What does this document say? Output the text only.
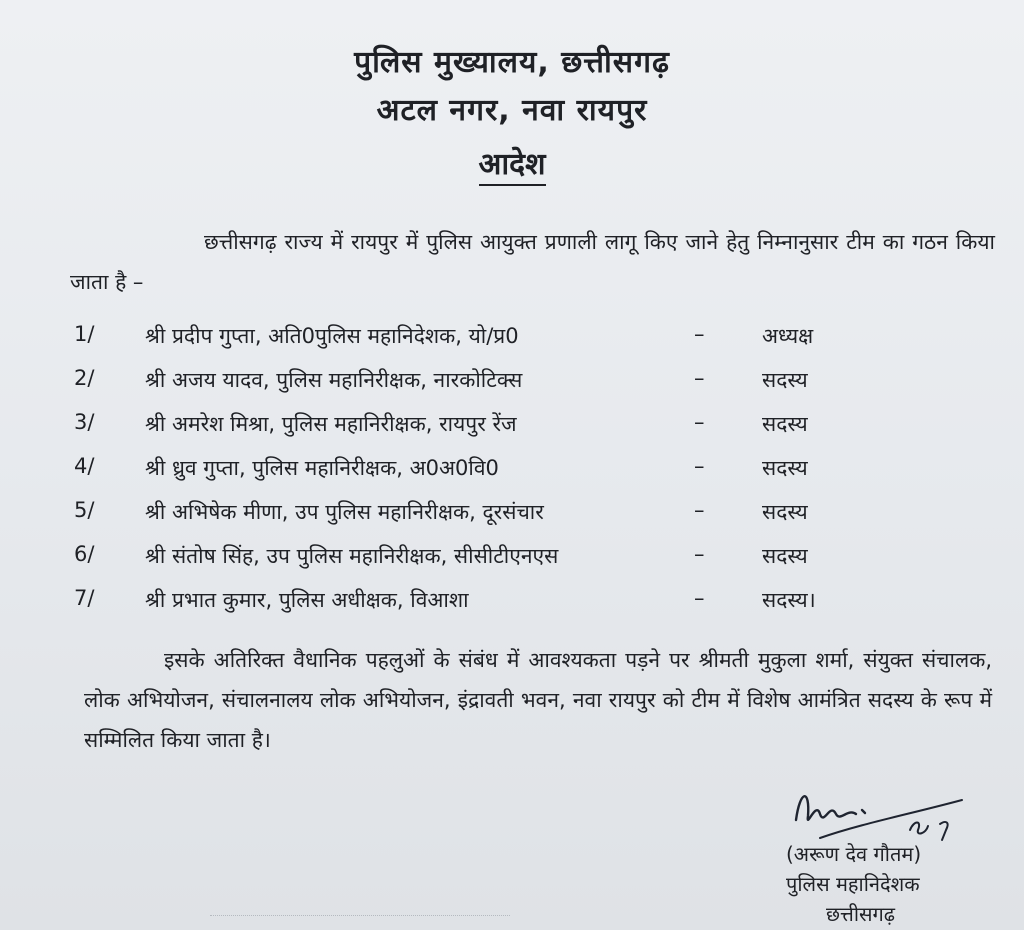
पुलिस मुख्यालय, छत्तीसगढ़
अटल नगर, नवा रायपुर
आदेश
छत्तीसगढ़ राज्य में रायपुर में पुलिस आयुक्त प्रणाली लागू किए जाने हेतु निम्नानुसार टीम का गठन किया जाता है –
1/ श्री प्रदीप गुप्ता, अति0पुलिस महानिदेशक, यो/प्र0	–	अध्यक्ष
2/ श्री अजय यादव, पुलिस महानिरीक्षक, नारकोटिक्स	–	सदस्य
3/ श्री अमरेश मिश्रा, पुलिस महानिरीक्षक, रायपुर रेंज	–	सदस्य
4/ श्री ध्रुव गुप्ता, पुलिस महानिरीक्षक, अ0अ0वि0	–	सदस्य
5/ श्री अभिषेक मीणा, उप पुलिस महानिरीक्षक, दूरसंचार	–	सदस्य
6/ श्री संतोष सिंह, उप पुलिस महानिरीक्षक, सीसीटीएनएस	–	सदस्य
7/ श्री प्रभात कुमार, पुलिस अधीक्षक, विआशा	–	सदस्य।
इसके अतिरिक्त वैधानिक पहलुओं के संबंध में आवश्यकता पड़ने पर श्रीमती मुकुला शर्मा, संयुक्त संचालक, लोक अभियोजन, संचालनालय लोक अभियोजन, इंद्रावती भवन, नवा रायपुर को टीम में विशेष आमंत्रित सदस्य के रूप में सम्मिलित किया जाता है।
(अरूण देव गौतम)
पुलिस महानिदेशक
छत्तीसगढ़
